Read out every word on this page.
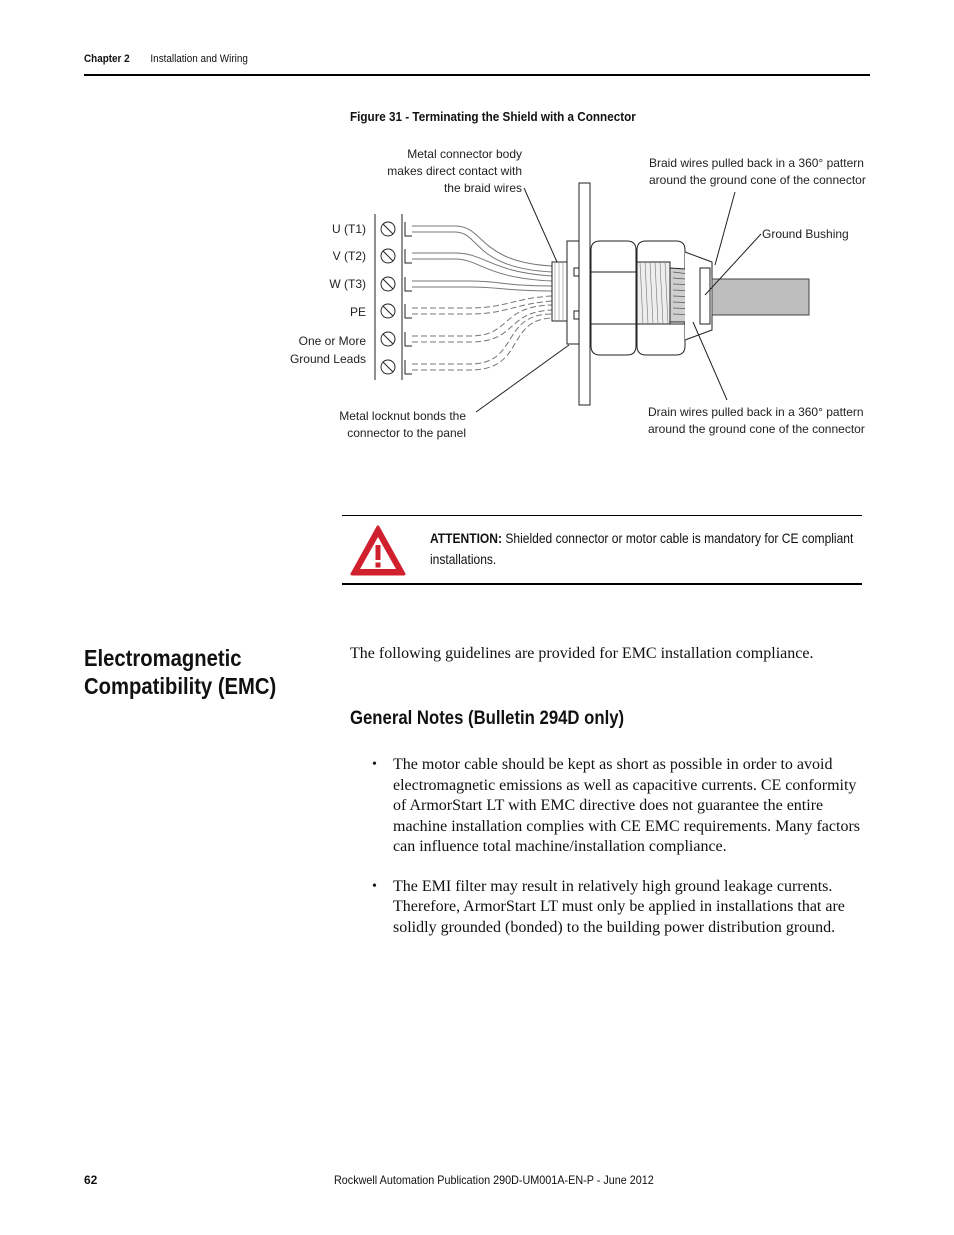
Chapter 2 Installation and Wiring
Figure 31 - Terminating the Shield with a Connector
Metal connector body
makes direct contact with
the braid wires
Braid wires pulled back in a 360° pattern
around the ground cone of the connector
Ground Bushing
Metal locknut bonds the
connector to the panel
Drain wires pulled back in a 360° pattern
around the ground cone of the connector
U (T1)
V (T2)
W (T3)
PE
One or More
Ground Leads
ATTENTION: Shielded connector or motor cable is mandatory for CE compliant installations.
Electromagnetic Compatibility (EMC)
The following guidelines are provided for EMC installation compliance.
General Notes (Bulletin 294D only)
• The motor cable should be kept as short as possible in order to avoid electromagnetic emissions as well as capacitive currents. CE conformity of ArmorStart LT with EMC directive does not guarantee the entire machine installation complies with CE EMC requirements. Many factors can influence total machine/installation compliance.
• The EMI filter may result in relatively high ground leakage currents. Therefore, ArmorStart LT must only be applied in installations that are solidly grounded (bonded) to the building power distribution ground.
62	Rockwell Automation Publication 290D-UM001A-EN-P - June 2012
